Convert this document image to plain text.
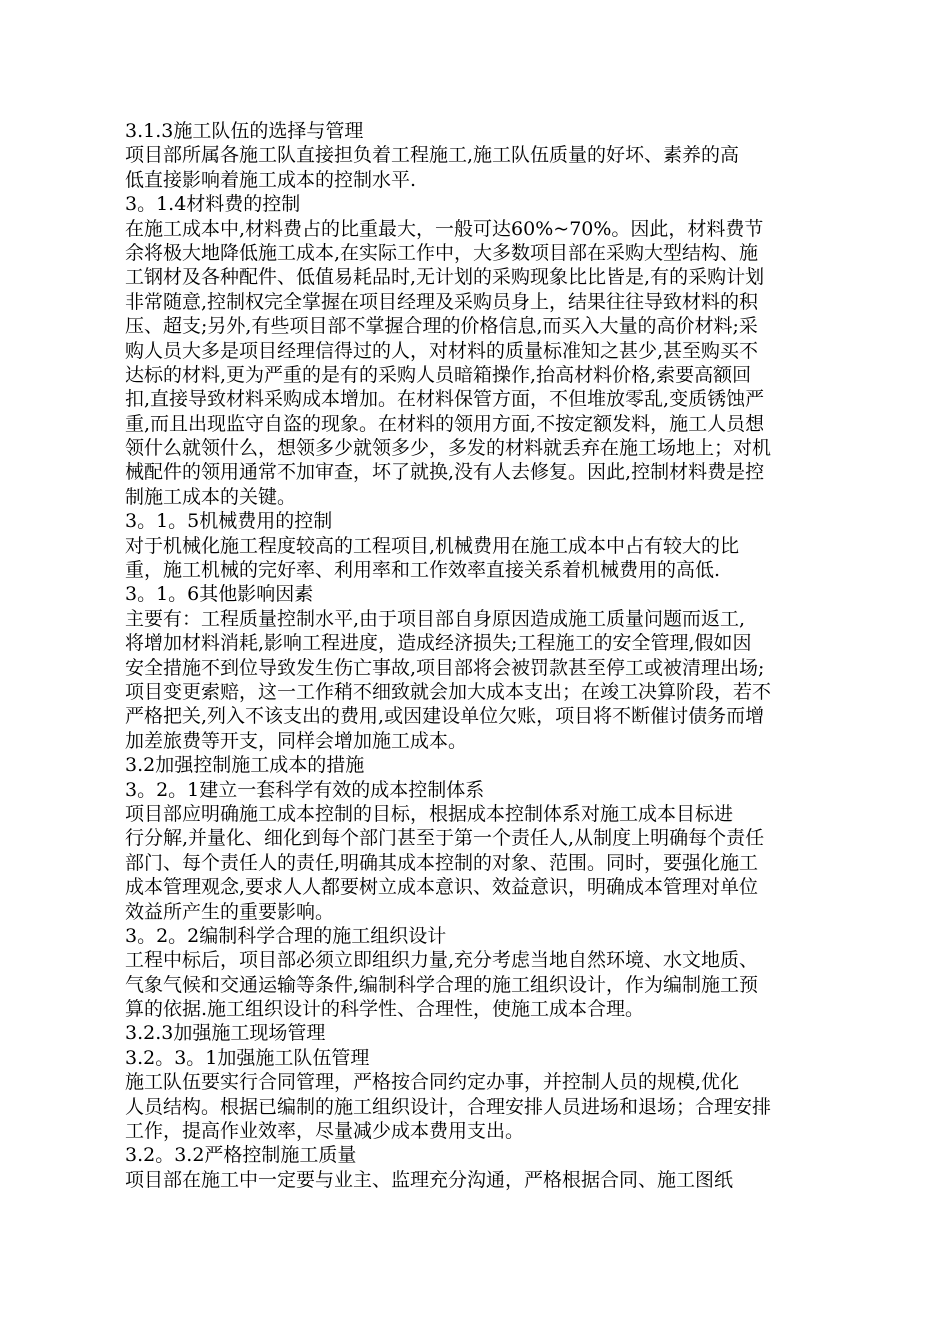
3.1.3施工队伍的选择与管理

项目部所属各施工队直接担负着工程施工,施工队伍质量的好坏、素养的高
低直接影响着施工成本的控制水平.

3。1.4材料费的控制

在施工成本中,材料费占的比重最大，一般可达60%~70%。因此，材料费节
余将极大地降低施工成本,在实际工作中，大多数项目部在采购大型结构、施
工钢材及各种配件、低值易耗品时,无计划的采购现象比比皆是,有的采购计划
非常随意,控制权完全掌握在项目经理及采购员身上，结果往往导致材料的积
压、超支;另外,有些项目部不掌握合理的价格信息,而买入大量的高价材料;采
购人员大多是项目经理信得过的人，对材料的质量标准知之甚少,甚至购买不
达标的材料,更为严重的是有的采购人员暗箱操作,抬高材料价格,索要高额回
扣,直接导致材料采购成本增加。在材料保管方面，不但堆放零乱,变质锈蚀严
重,而且出现监守自盗的现象。在材料的领用方面,不按定额发料，施工人员想
领什么就领什么，想领多少就领多少，多发的材料就丢弃在施工场地上；对机
械配件的领用通常不加审查，坏了就换,没有人去修复。因此,控制材料费是控
制施工成本的关键。

3。1。5机械费用的控制

对于机械化施工程度较高的工程项目,机械费用在施工成本中占有较大的比
重，施工机械的完好率、利用率和工作效率直接关系着机械费用的高低.

3。1。6其他影响因素

主要有：工程质量控制水平,由于项目部自身原因造成施工质量问题而返工,
将增加材料消耗,影响工程进度，造成经济损失;工程施工的安全管理,假如因
安全措施不到位导致发生伤亡事故,项目部将会被罚款甚至停工或被清理出场;
项目变更索赔，这一工作稍不细致就会加大成本支出；在竣工决算阶段，若不
严格把关,列入不该支出的费用,或因建设单位欠账，项目将不断催讨债务而增
加差旅费等开支，同样会增加施工成本。

3.2加强控制施工成本的措施

3。2。1建立一套科学有效的成本控制体系

项目部应明确施工成本控制的目标，根据成本控制体系对施工成本目标进
行分解,并量化、细化到每个部门甚至于第一个责任人,从制度上明确每个责任
部门、每个责任人的责任,明确其成本控制的对象、范围。同时，要强化施工
成本管理观念,要求人人都要树立成本意识、效益意识，明确成本管理对单位
效益所产生的重要影响。

3。2。2编制科学合理的施工组织设计

工程中标后，项目部必须立即组织力量,充分考虑当地自然环境、水文地质、
气象气候和交通运输等条件,编制科学合理的施工组织设计，作为编制施工预
算的依据.施工组织设计的科学性、合理性，使施工成本合理。

3.2.3加强施工现场管理

3.2。3。1加强施工队伍管理

施工队伍要实行合同管理，严格按合同约定办事，并控制人员的规模,优化
人员结构。根据已编制的施工组织设计，合理安排人员进场和退场；合理安排
工作，提高作业效率，尽量减少成本费用支出。

3.2。3.2严格控制施工质量

项目部在施工中一定要与业主、监理充分沟通，严格根据合同、施工图纸
